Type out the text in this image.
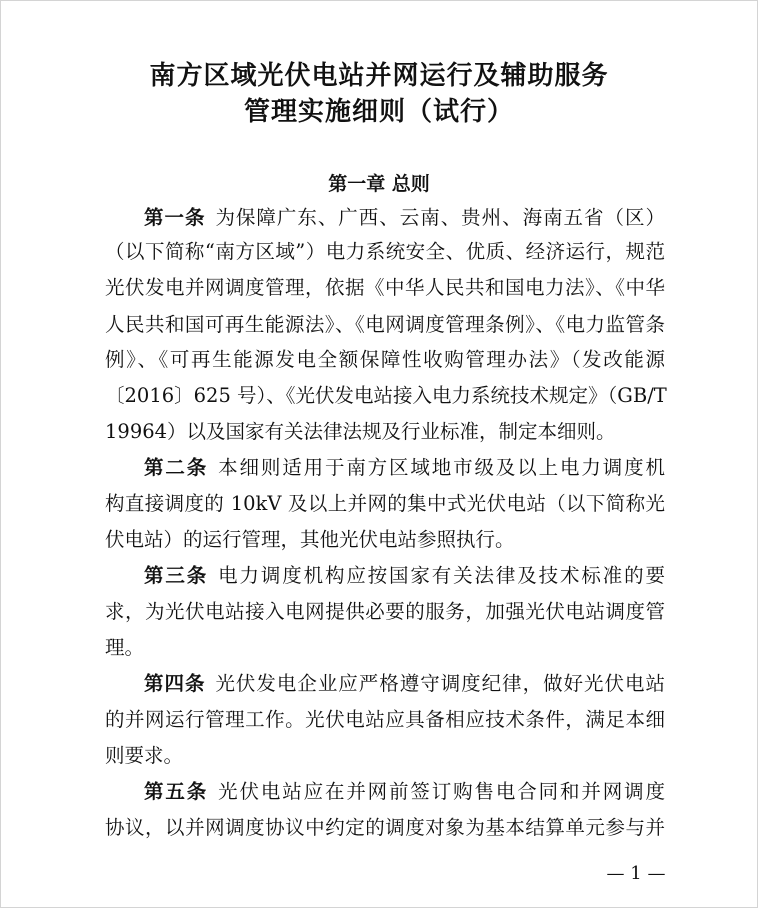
南方区域光伏电站并网运行及辅助服务
管理实施细则（试行）
第一章 总则
第一条 为保障广东、广西、云南、贵州、海南五省（区）
（以下简称“南方区域”）电力系统安全、优质、经济运行，规范
光伏发电并网调度管理，依据《中华人民共和国电力法》、《中华
人民共和国可再生能源法》、《电网调度管理条例》、《电力监管条
例》、《可再生能源发电全额保障性收购管理办法》（发改能源
〔2016〕625 号）、《光伏发电站接入电力系统技术规定》（GB/T
19964）以及国家有关法律法规及行业标准，制定本细则。
第二条 本细则适用于南方区域地市级及以上电力调度机
构直接调度的 10kV 及以上并网的集中式光伏电站（以下简称光
伏电站）的运行管理，其他光伏电站参照执行。
第三条 电力调度机构应按国家有关法律及技术标准的要
求，为光伏电站接入电网提供必要的服务，加强光伏电站调度管
理。
第四条 光伏发电企业应严格遵守调度纪律，做好光伏电站
的并网运行管理工作。光伏电站应具备相应技术条件，满足本细
则要求。
第五条 光伏电站应在并网前签订购售电合同和并网调度
协议，以并网调度协议中约定的调度对象为基本结算单元参与并
— 1 —
